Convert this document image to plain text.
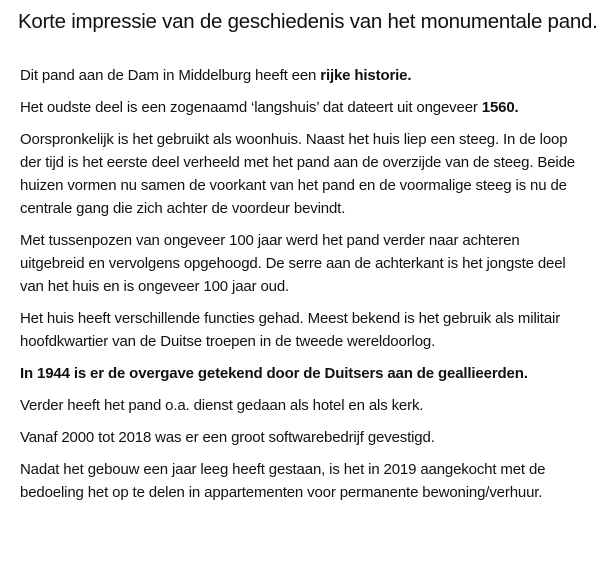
Korte impressie van de geschiedenis van het monumentale pand.

Dit pand aan de Dam in Middelburg heeft een rijke historie.

Het oudste deel is een zogenaamd ‘langshuis’ dat dateert uit ongeveer 1560.

Oorspronkelijk is het gebruikt als woonhuis. Naast het huis liep een steeg. In de loop der tijd is het eerste deel verheeld met het pand aan de overzijde van de steeg. Beide huizen vormen nu samen de voorkant van het pand en de voormalige steeg is nu de centrale gang die zich achter de voordeur bevindt.

Met tussenpozen van ongeveer 100 jaar werd het pand verder naar achteren uitgebreid en vervolgens opgehoogd. De serre aan de achterkant is het jongste deel van het huis en is ongeveer 100 jaar oud.

Het huis heeft verschillende functies gehad. Meest bekend is het gebruik als militair hoofdkwartier van de Duitse troepen in de tweede wereldoorlog.

In 1944 is er de overgave getekend door de Duitsers aan de geallieerden.

Verder heeft het pand o.a. dienst gedaan als hotel en als kerk.

Vanaf 2000 tot 2018 was er een groot softwarebedrijf gevestigd.

Nadat het gebouw een jaar leeg heeft gestaan, is het in 2019 aangekocht met de bedoeling het op te delen in appartementen voor permanente bewoning/verhuur.
